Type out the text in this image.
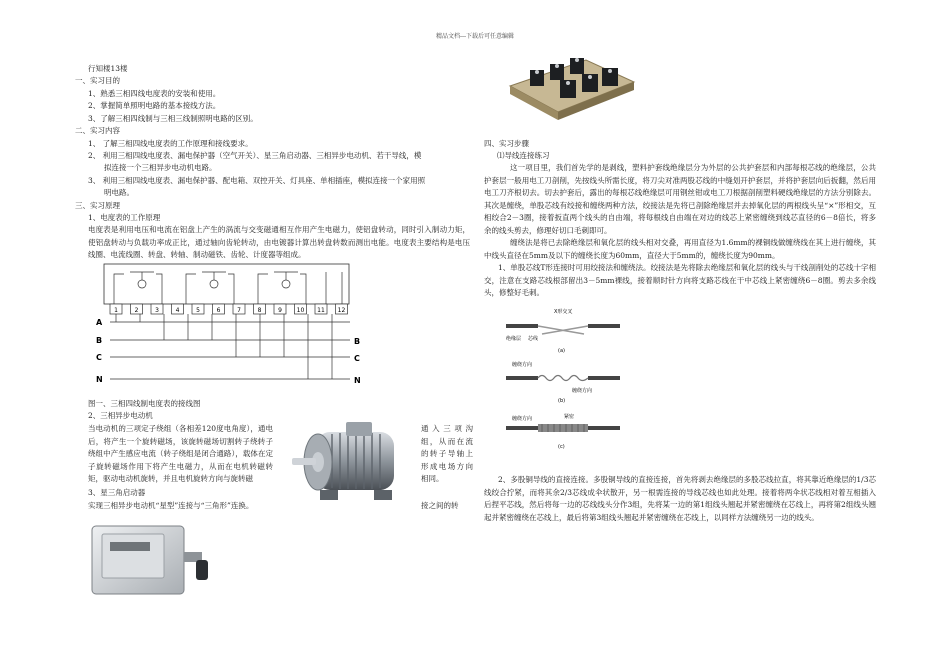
精品文档---下载后可任意编辑
行知楼13楼
一、实习目的
1、熟悉三相四线电度表的安装和使用。
2、掌握简单照明电路的基本接线方法。
3、了解三相四线制与三相三线制照明电路的区别。
二、实习内容
1、 了解三相四线电度表的工作原理和接线要求。
2、 利用三相四线电度表、漏电保护器（空气开关）、星三角启动器、三相异步电动机、若干导线，模
拟连接一个三相异步电动机电路。
3、 利用三相四线电度表、漏电保护器、配电箱、双控开关、灯具座、单相插座，模拟连接一个家用照
明电路。
三、实习原理
1、电度表的工作原理
电度表是利用电压和电流在铝盘上产生的涡流与交变磁通相互作用产生电磁力，使铝盘转动，同时引入制动力矩，使铝盘转动与负载功率成正比，通过轴向齿轮转动，由电镀器计算出转盘转数而测出电能。电度表主要结构是电压线圈、电流线圈、转盘、转轴、制动磁铁、齿轮、计度器等组成。
1	2	3	4	5	6	7	8	9 10 11 12
A
B
C
N
B
C
N
图一、三相四线制电度表的接线图
2、三相异步电动机
当电动机的三项定子绕组（各相差120度电角度），通电后，将产生一个旋转磁场，该旋转磁场切割转子绕转子绕组中产生感应电流（转子绕组是闭合通路），载体在定子旋转磁场作用下将产生电磁力，从而在电机转磁转矩，驱动电动机旋转，并且电机旋转方向与旋转磁
通入三项沟组，从而在流的转子导轴上形成电场方向相同。
3、星三角启动器
实现三相异步电动机“星型”连接与“三角形”连换。	接之间的转
四、实习步骤
⑴导线连接练习
这一项目里，我们首先学的是剥线，塑料护套线绝缘层分为外层的公共护套层和内部每根芯线的绝缘层，公共护套层一般用电工刀剖削，先按线头所需长度，将刀尖对准两股芯线的中缝划开护套层，并将护套层向后扳翻，然后用电工刀齐根切去。切去护套后，露出的每根芯线绝缘层可用钢丝钳或电工刀根据剖削塑料硬线绝缘层的方法分别除去。其次是缠绕，单股芯线有绞接和缠绕两种方法，绞接法是先将已剖除绝缘层并去掉氧化层的两根线头呈“×”形相交，互相绞合2－3圈，接着扳直两个线头的自由端，将每根线自由端在对边的线芯上紧密缠绕到线芯直径的6－8倍长，将多余的线头剪去，修理好切口毛刺即可。
缠绕法是将已去除绝缘层和氧化层的线头相对交叠，再用直径为1.6mm的裸铜线做缠绕线在其上进行缠绕，其中线头直径在5mm及以下的缠绕长度为60mm，直径大于5mm的，缠绕长度为90mm。
1、单股芯线T形连接时可用绞接法和缠绕法。绞接法是先将除去绝缘层和氧化层的线头与干线剖削处的芯线十字相交，注意在支路芯线根部留出3－5mm裸线，接着顺时针方向将支路芯线在干中芯线上紧密缠绕6－8圈。剪去多余线头，修整好毛刺。
X形交叉
芯线
绝缘层
(a)
缠绕方向
缠绕方向
(b)
紧密
缠绕方向
(c)
2、多股铜导线的直接连接。多股铜导线的直接连接，首先将剥去绝缘层的多股芯线拉直，将其靠近绝缘层的1/3芯线绞合拧紧，而将其余2/3芯线成伞状散开，另一根需连接的导线芯线也如此处理。接着将两伞状芯线相对着互相插入后捏平芯线，然后将每一边的芯线线头分作3组，先将某一边的第1组线头翘起并紧密缠绕在芯线上，再将第2组线头翘起并紧密缠绕在芯线上，最后将第3组线头翘起并紧密缠绕在芯线上，以同样方法缠绕另一边的线头。
